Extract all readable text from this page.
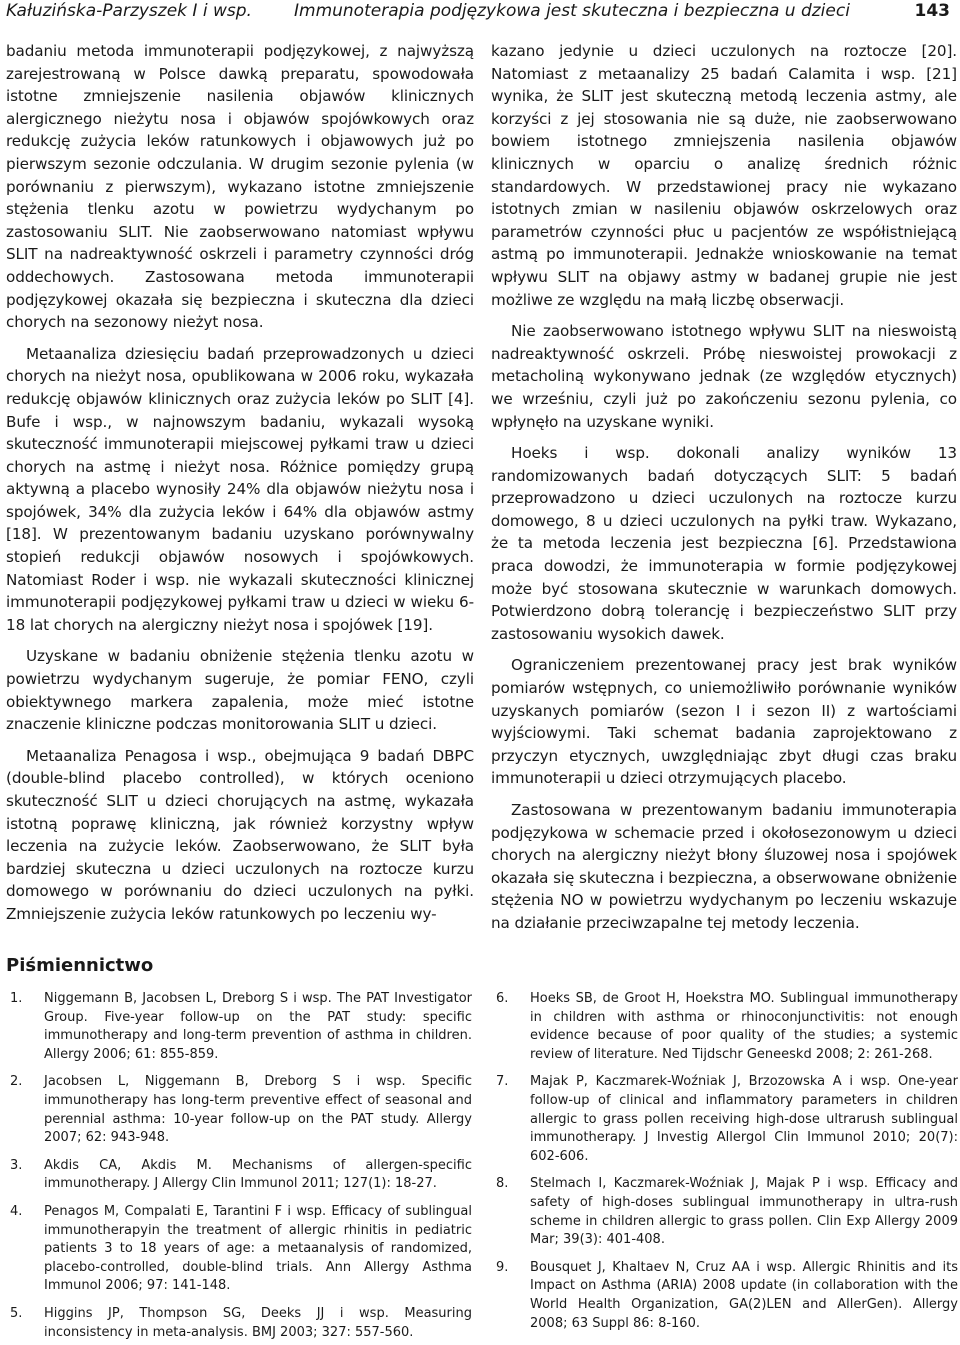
Kałuzińska-Parzyszek I i wsp. Immunoterapia podjęzykowa jest skuteczna i bezpieczna u dzieci	143

badaniu metoda immunoterapii podjęzykowej, z najwyższą zarejestrowaną w Polsce dawką preparatu, spowodowała istotne zmniejszenie nasilenia objawów klinicznych alergicznego nieżytu nosa i objawów spojówkowych oraz redukcję zużycia leków ratunkowych i objawowych już po pierwszym sezonie odczulania. W drugim sezonie pylenia (w porównaniu z pierwszym), wykazano istotne zmniejszenie stężenia tlenku azotu w powietrzu wydychanym po zastosowaniu SLIT. Nie zaobserwowano natomiast wpływu SLIT na nadreaktywność oskrzeli i parametry czynności dróg oddechowych. Zastosowana metoda immunoterapii podjęzykowej okazała się bezpieczna i skuteczna dla dzieci chorych na sezonowy nieżyt nosa.

Metaanaliza dziesięciu badań przeprowadzonych u dzieci chorych na nieżyt nosa, opublikowana w 2006 roku, wykazała redukcję objawów klinicznych oraz zużycia leków po SLIT [4]. Bufe i wsp., w najnowszym badaniu, wykazali wysoką skuteczność immunoterapii miejscowej pyłkami traw u dzieci chorych na astmę i nieżyt nosa. Różnice pomiędzy grupą aktywną a placebo wynosiły 24% dla objawów nieżytu nosa i spojówek, 34% dla zużycia leków i 64% dla objawów astmy [18]. W prezentowanym badaniu uzyskano porównywalny stopień redukcji objawów nosowych i spojówkowych. Natomiast Roder i wsp. nie wykazali skuteczności klinicznej immunoterapii podjęzykowej pyłkami traw u dzieci w wieku 6-18 lat chorych na alergiczny nieżyt nosa i spojówek [19].

Uzyskane w badaniu obniżenie stężenia tlenku azotu w powietrzu wydychanym sugeruje, że pomiar FENO, czyli obiektywnego markera zapalenia, może mieć istotne znaczenie kliniczne podczas monitorowania SLIT u dzieci.

Metaanaliza Penagosa i wsp., obejmująca 9 badań DBPC (double-blind placebo controlled), w których oceniono skuteczność SLIT u dzieci chorujących na astmę, wykazała istotną poprawę kliniczną, jak również korzystny wpływ leczenia na zużycie leków. Zaobserwowano, że SLIT była bardziej skuteczna u dzieci uczulonych na roztocze kurzu domowego w porównaniu do dzieci uczulonych na pyłki. Zmniejszenie zużycia leków ratunkowych po leczeniu wy-

kazano jedynie u dzieci uczulonych na roztocze [20]. Natomiast z metaanalizy 25 badań Calamita i wsp. [21] wynika, że SLIT jest skuteczną metodą leczenia astmy, ale korzyści z jej stosowania nie są duże, nie zaobserwowano bowiem istotnego zmniejszenia nasilenia objawów klinicznych w oparciu o analizę średnich różnic standardowych. W przedstawionej pracy nie wykazano istotnych zmian w nasileniu objawów oskrzelowych oraz parametrów czynności płuc u pacjentów ze współistniejącą astmą po immunoterapii. Jednakże wnioskowanie na temat wpływu SLIT na objawy astmy w badanej grupie nie jest możliwe ze względu na małą liczbę obserwacji.

Nie zaobserwowano istotnego wpływu SLIT na nieswoistą nadreaktywność oskrzeli. Próbę nieswoistej prowokacji z metacholiną wykonywano jednak (ze względów etycznych) we wrześniu, czyli już po zakończeniu sezonu pylenia, co wpłynęło na uzyskane wyniki.

Hoeks i wsp. dokonali analizy wyników 13 randomizowanych badań dotyczących SLIT: 5 badań przeprowadzono u dzieci uczulonych na roztocze kurzu domowego, 8 u dzieci uczulonych na pyłki traw. Wykazano, że ta metoda leczenia jest bezpieczna [6]. Przedstawiona praca dowodzi, że immunoterapia w formie podjęzykowej może być stosowana skutecznie w warunkach domowych. Potwierdzono dobrą tolerancję i bezpieczeństwo SLIT przy zastosowaniu wysokich dawek.

Ograniczeniem prezentowanej pracy jest brak wyników pomiarów wstępnych, co uniemożliwiło porównanie wyników uzyskanych pomiarów (sezon I i sezon II) z wartościami wyjściowymi. Taki schemat badania zaprojektowano z przyczyn etycznych, uwzględniając zbyt długi czas braku immunoterapii u dzieci otrzymujących placebo.

Zastosowana w prezentowanym badaniu immunoterapia podjęzykowa w schemacie przed i okołosezonowym u dzieci chorych na alergiczny nieżyt błony śluzowej nosa i spojówek okazała się skuteczna i bezpieczna, a obserwowane obniżenie stężenia NO w powietrzu wydychanym po leczeniu wskazuje na działanie przeciwzapalne tej metody leczenia.

Piśmiennictwo
1.	Niggemann B, Jacobsen L, Dreborg S i wsp. The PAT Investigator Group. Five-year follow-up on the PAT study: specific immunotherapy and long-term prevention of asthma in children. Allergy 2006; 61: 855-859.
2.	Jacobsen L, Niggemann B, Dreborg S i wsp. Specific immunotherapy has long-term preventive effect of seasonal and perennial asthma: 10-year follow-up on the PAT study. Allergy 2007; 62: 943-948.
3.	Akdis CA, Akdis M. Mechanisms of allergen-specific immunotherapy. J Allergy Clin Immunol 2011; 127(1): 18-27.
4.	Penagos M, Compalati E, Tarantini F i wsp. Efficacy of sublingual immunotherapyin the treatment of allergic rhinitis in pediatric patients 3 to 18 years of age: a metaanalysis of randomized, placebo-controlled, double-blind trials. Ann Allergy Asthma Immunol 2006; 97: 141-148.
5.	Higgins JP, Thompson SG, Deeks JJ i wsp. Measuring inconsistency in meta-analysis. BMJ 2003; 327: 557-560.
6.	Hoeks SB, de Groot H, Hoekstra MO. Sublingual immunotherapy in children with asthma or rhinoconjunctivitis: not enough evidence because of poor quality of the studies; a systemic review of literature. Ned Tijdschr Geneeskd 2008; 2: 261-268.
7.	Majak P, Kaczmarek-Woźniak J, Brzozowska A i wsp. One-year follow-up of clinical and inflammatory parameters in children allergic to grass pollen receiving high-dose ultrarush sublingual immunotherapy. J Investig Allergol Clin Immunol 2010; 20(7): 602-606.
8.	Stelmach I, Kaczmarek-Woźniak J, Majak P i wsp. Efficacy and safety of high-doses sublingual immunotherapy in ultra-rush scheme in children allergic to grass pollen. Clin Exp Allergy 2009 Mar; 39(3): 401-408.
9.	Bousquet J, Khaltaev N, Cruz AA i wsp. Allergic Rhinitis and its Impact on Asthma (ARIA) 2008 update (in collaboration with the World Health Organization, GA(2)LEN and AllerGen). Allergy 2008; 63 Suppl 86: 8-160.
